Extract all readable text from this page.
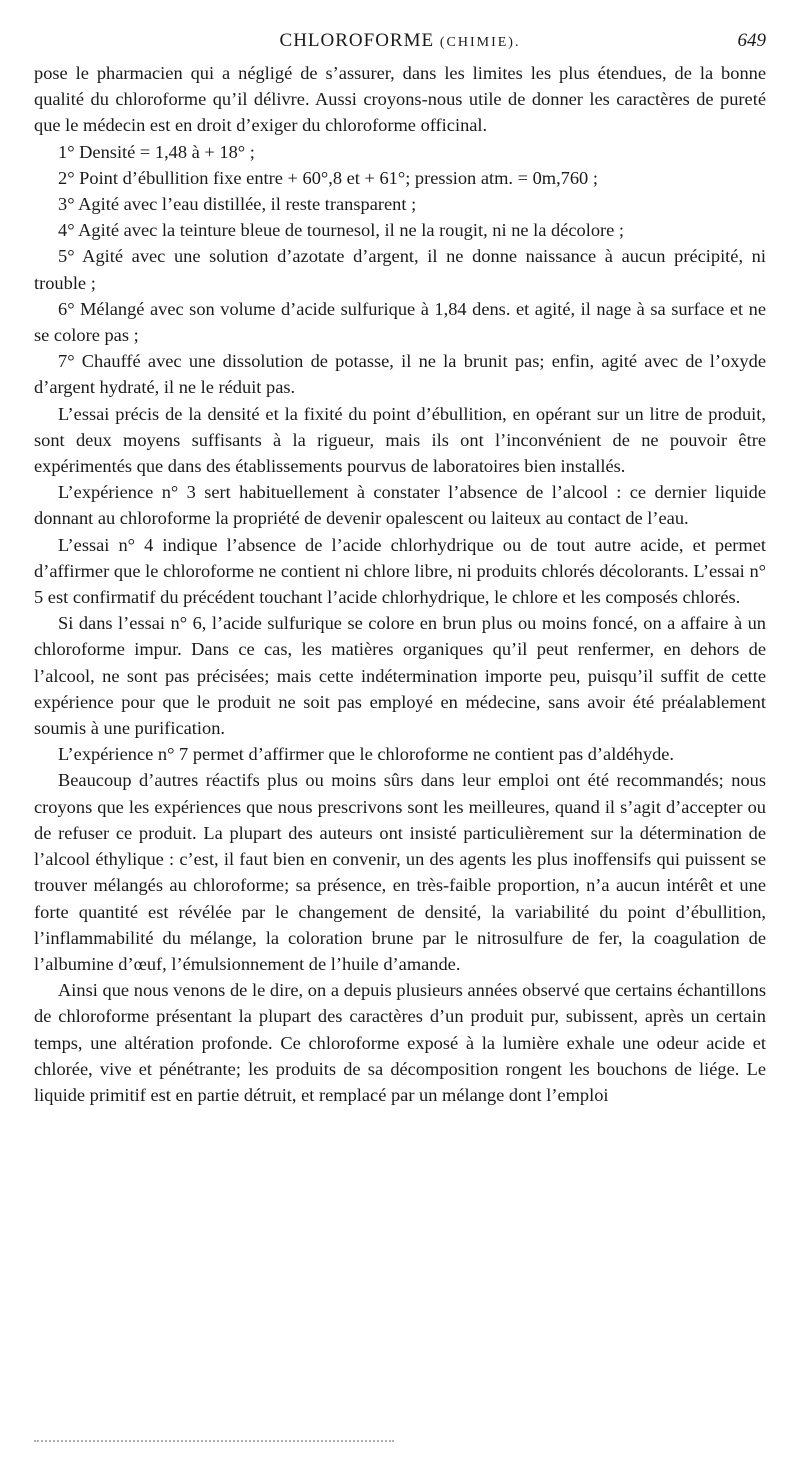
CHLOROFORME (CHIMIE).	649

pose le pharmacien qui a négligé de s’assurer, dans les limites les plus étendues, de la bonne qualité du chloroforme qu’il délivre. Aussi croyons-nous utile de donner les caractères de pureté que le médecin est en droit d’exiger du chloroforme officinal.

1° Densité = 1,48 à + 18° ;

2° Point d’ébullition fixe entre + 60°,8 et + 61°; pression atm. = 0m,760 ;

3° Agité avec l’eau distillée, il reste transparent ;

4° Agité avec la teinture bleue de tournesol, il ne la rougit, ni ne la décolore ;

5° Agité avec une solution d’azotate d’argent, il ne donne naissance à aucun précipité, ni trouble ;

6° Mélangé avec son volume d’acide sulfurique à 1,84 dens. et agité, il nage à sa surface et ne se colore pas ;

7° Chauffé avec une dissolution de potasse, il ne la brunit pas; enfin, agité avec de l’oxyde d’argent hydraté, il ne le réduit pas.

L’essai précis de la densité et la fixité du point d’ébullition, en opérant sur un litre de produit, sont deux moyens suffisants à la rigueur, mais ils ont l’inconvénient de ne pouvoir être expérimentés que dans des établissements pourvus de laboratoires bien installés.

L’expérience n° 3 sert habituellement à constater l’absence de l’alcool : ce dernier liquide donnant au chloroforme la propriété de devenir opalescent ou laiteux au contact de l’eau.

L’essai n° 4 indique l’absence de l’acide chlorhydrique ou de tout autre acide, et permet d’affirmer que le chloroforme ne contient ni chlore libre, ni produits chlorés décolorants. L’essai n° 5 est confirmatif du précédent touchant l’acide chlorhydrique, le chlore et les composés chlorés.

Si dans l’essai n° 6, l’acide sulfurique se colore en brun plus ou moins foncé, on a affaire à un chloroforme impur. Dans ce cas, les matières organiques qu’il peut renfermer, en dehors de l’alcool, ne sont pas précisées; mais cette indétermination importe peu, puisqu’il suffit de cette expérience pour que le produit ne soit pas employé en médecine, sans avoir été préalablement soumis à une purification.

L’expérience n° 7 permet d’affirmer que le chloroforme ne contient pas d’aldéhyde.

Beaucoup d’autres réactifs plus ou moins sûrs dans leur emploi ont été recommandés; nous croyons que les expériences que nous prescrivons sont les meilleures, quand il s’agit d’accepter ou de refuser ce produit. La plupart des auteurs ont insisté particulièrement sur la détermination de l’alcool éthylique : c’est, il faut bien en convenir, un des agents les plus inoffensifs qui puissent se trouver mélangés au chloroforme; sa présence, en très-faible proportion, n’a aucun intérêt et une forte quantité est révélée par le changement de densité, la variabilité du point d’ébullition, l’inflammabilité du mélange, la coloration brune par le nitrosulfure de fer, la coagulation de l’albumine d’œuf, l’émulsionnement de l’huile d’amande.

Ainsi que nous venons de le dire, on a depuis plusieurs années observé que certains échantillons de chloroforme présentant la plupart des caractères d’un produit pur, subissent, après un certain temps, une altération profonde. Ce chloroforme exposé à la lumière exhale une odeur acide et chlorée, vive et pénétrante; les produits de sa décomposition rongent les bouchons de liége. Le liquide primitif est en partie détruit, et remplacé par un mélange dont l’emploi
